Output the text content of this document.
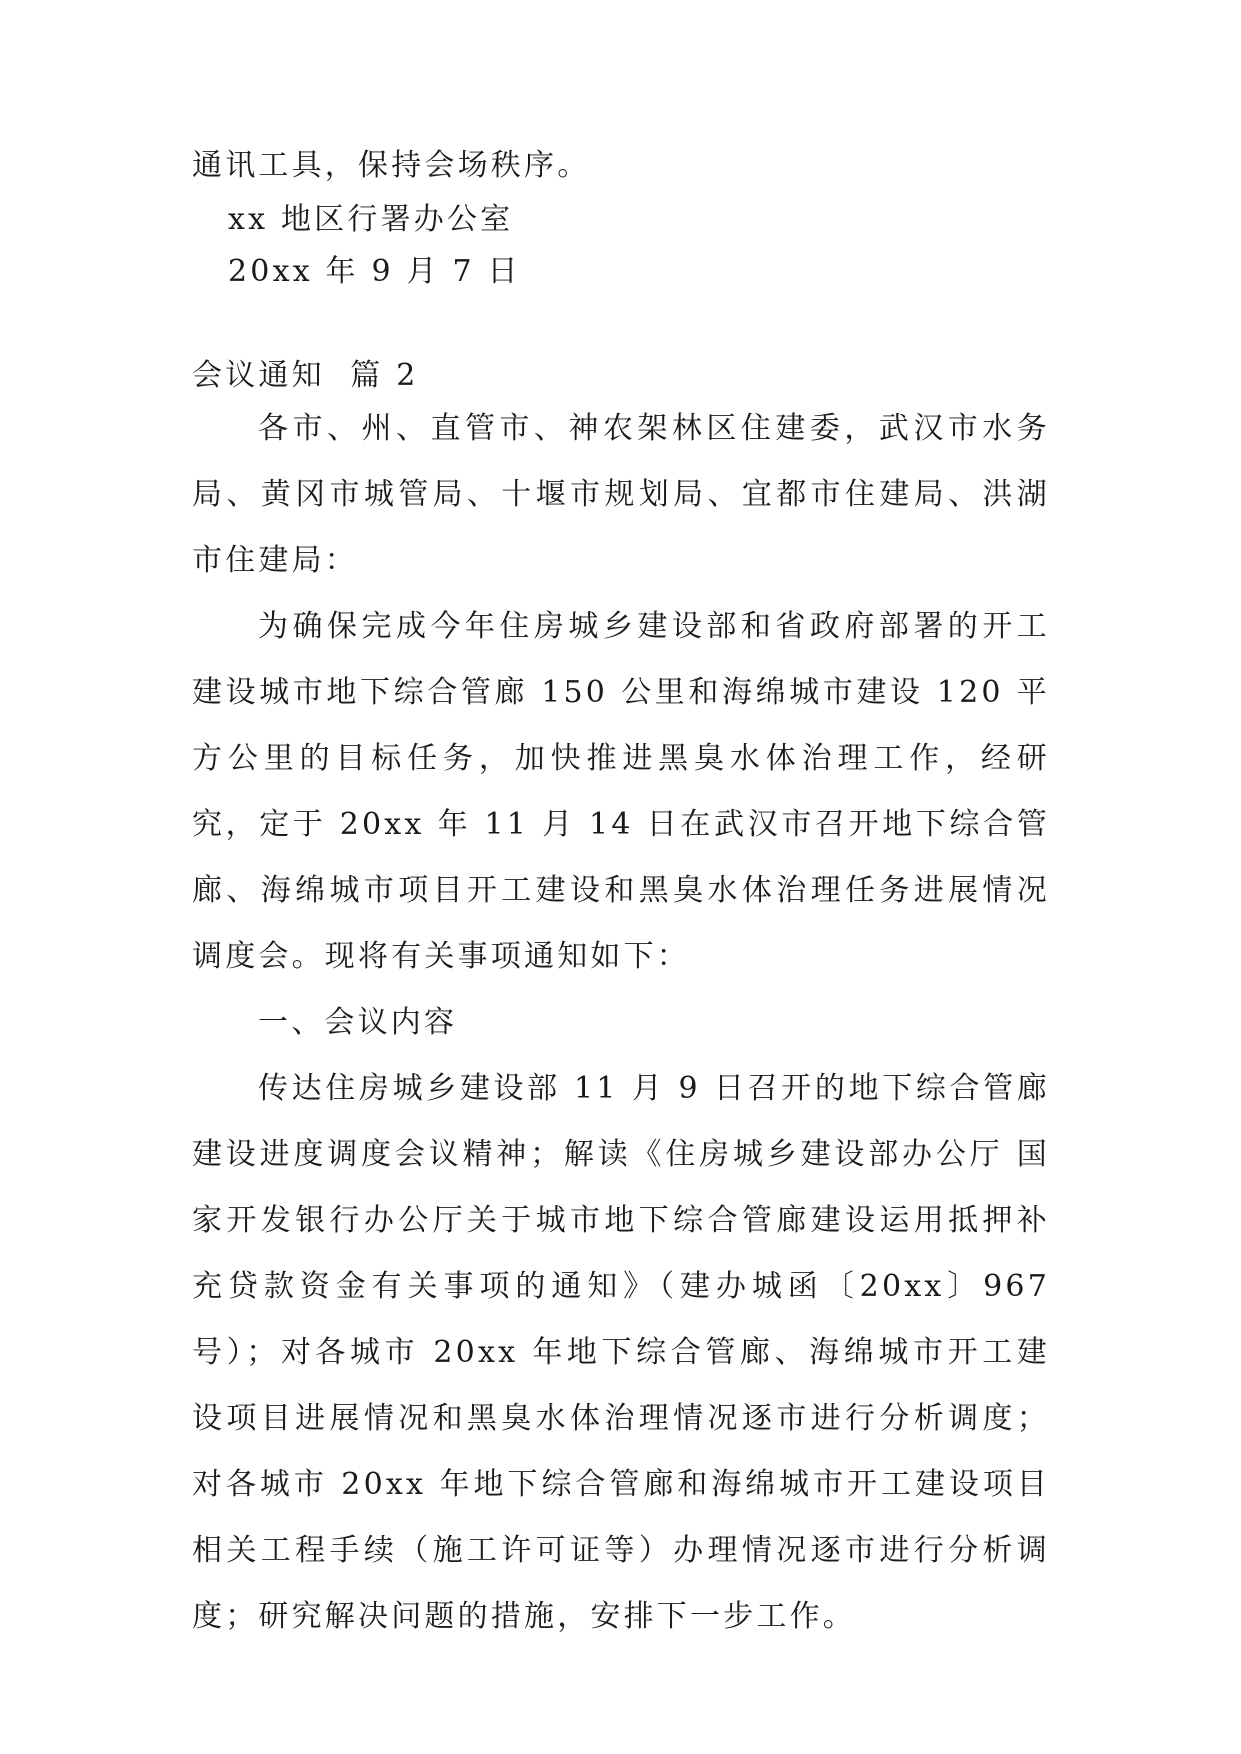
通讯工具，保持会场秩序。
xx 地区行署办公室
20xx 年 9 月 7 日
会议通知  篇 2

各市、州、直管市、神农架林区住建委，武汉市水务局、黄冈市城管局、十堰市规划局、宜都市住建局、洪湖市住建局：

为确保完成今年住房城乡建设部和省政府部署的开工建设城市地下综合管廊 150 公里和海绵城市建设 120 平方公里的目标任务，加快推进黑臭水体治理工作，经研究，定于 20xx 年 11 月 14 日在武汉市召开地下综合管廊、海绵城市项目开工建设和黑臭水体治理任务进展情况调度会。现将有关事项通知如下：

一、会议内容

传达住房城乡建设部 11 月 9 日召开的地下综合管廊建设进度调度会议精神；解读《住房城乡建设部办公厅 国家开发银行办公厅关于城市地下综合管廊建设运用抵押补充贷款资金有关事项的通知》（建办城函〔20xx〕967 号）；对各城市 20xx 年地下综合管廊、海绵城市开工建设项目进展情况和黑臭水体治理情况逐市进行分析调度；对各城市 20xx 年地下综合管廊和海绵城市开工建设项目相关工程手续（施工许可证等）办理情况逐市进行分析调度；研究解决问题的措施，安排下一步工作。
